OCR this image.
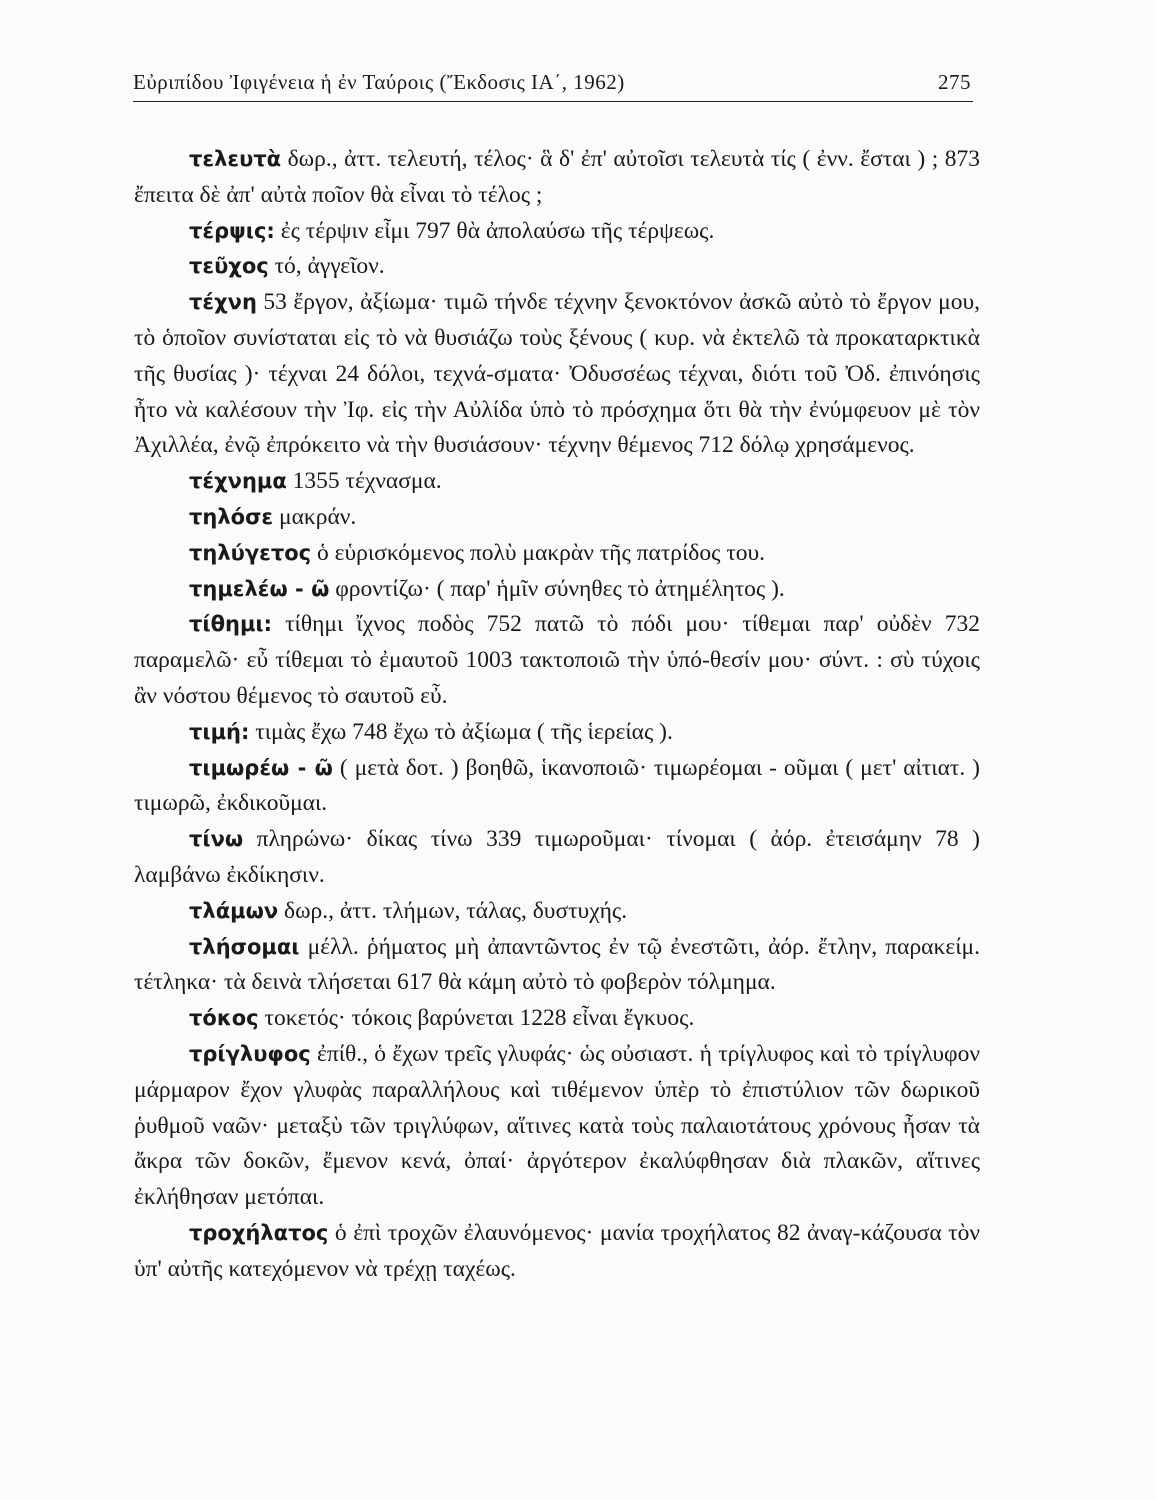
Εὐριπίδου Ἰφιγένεια ἡ ἐν Ταύροις (Ἔκδοσις ΙΑ΄, 1962)	275

τελευτὰ δωρ., ἀττ. τελευτή, τέλος· ἃ δ' ἐπ' αὐτοῖσι τελευτὰ τίς ( ἐνν. ἔσται ) ; 873 ἔπειτα δὲ ἀπ' αὐτὰ ποῖον θὰ εἶναι τὸ τέλος ;

τέρψις: ἐς τέρψιν εἶμι 797 θὰ ἀπολαύσω τῆς τέρψεως.

τεῦχος τό, ἀγγεῖον.

τέχνη 53 ἔργον, ἀξίωμα· τιμῶ τήνδε τέχνην ξενοκτόνον ἀσκῶ αὐτὸ τὸ ἔργον μου, τὸ ὁποῖον συνίσταται εἰς τὸ νὰ θυσιάζω τοὺς ξένους ( κυρ. νὰ ἐκτελῶ τὰ προκαταρκτικὰ τῆς θυσίας )· τέχναι 24 δόλοι, τεχνά-σματα· Ὀδυσσέως τέχναι, διότι τοῦ Ὀδ. ἐπινόησις ἦτο νὰ καλέσουν τὴν Ἰφ. εἰς τὴν Αὐλίδα ὑπὸ τὸ πρόσχημα ὅτι θὰ τὴν ἐνύμφευον μὲ τὸν Ἀχιλλέα, ἐνῷ ἐπρόκειτο νὰ τὴν θυσιάσουν· τέχνην θέμενος 712 δόλῳ χρησάμενος.

τέχνημα 1355 τέχνασμα.

τηλόσε μακράν.

τηλύγετος ὁ εὑρισκόμενος πολὺ μακρὰν τῆς πατρίδος του.

τημελέω - ῶ φροντίζω· ( παρ' ἡμῖν σύνηθες τὸ ἀτημέλητος ).

τίθημι: τίθημι ἴχνος ποδὸς 752 πατῶ τὸ πόδι μου· τίθεμαι παρ' οὐδὲν 732 παραμελῶ· εὖ τίθεμαι τὸ ἐμαυτοῦ 1003 τακτοποιῶ τὴν ὑπό-θεσίν μου· σύντ. : σὺ τύχοις ἂν νόστου θέμενος τὸ σαυτοῦ εὖ.

τιμή: τιμὰς ἔχω 748 ἔχω τὸ ἀξίωμα ( τῆς ἱερείας ).

τιμωρέω - ῶ ( μετὰ δοτ. ) βοηθῶ, ἱκανοποιῶ· τιμωρέομαι - οῦμαι ( μετ' αἰτιατ. ) τιμωρῶ, ἐκδικοῦμαι.

τίνω πληρώνω· δίκας τίνω 339 τιμωροῦμαι· τίνομαι ( ἀόρ. ἐτεισάμην 78 ) λαμβάνω ἐκδίκησιν.

τλάμων δωρ., ἀττ. τλήμων, τάλας, δυστυχής.

τλήσομαι μέλλ. ῥήματος μὴ ἀπαντῶντος ἐν τῷ ἐνεστῶτι, ἀόρ. ἔτλην, παρακείμ. τέτληκα· τὰ δεινὰ τλήσεται 617 θὰ κάμη αὐτὸ τὸ φοβερὸν τόλμημα.

τόκος τοκετός· τόκοις βαρύνεται 1228 εἶναι ἔγκυος.

τρίγλυφος ἐπίθ., ὁ ἔχων τρεῖς γλυφάς· ὡς οὐσιαστ. ἡ τρίγλυφος καὶ τὸ τρίγλυφον μάρμαρον ἔχον γλυφὰς παραλλήλους καὶ τιθέμενον ὑπὲρ τὸ ἐπιστύλιον τῶν δωρικοῦ ῥυθμοῦ ναῶν· μεταξὺ τῶν τριγλύφων, αἵτινες κατὰ τοὺς παλαιοτάτους χρόνους ἦσαν τὰ ἄκρα τῶν δοκῶν, ἔμενον κενά, ὀπαί· ἀργότερον ἐκαλύφθησαν διὰ πλακῶν, αἵτινες ἐκλήθησαν μετόπαι.

τροχήλατος ὁ ἐπὶ τροχῶν ἐλαυνόμενος· μανία τροχήλατος 82 ἀναγ-κάζουσα τὸν ὑπ' αὐτῆς κατεχόμενον νὰ τρέχῃ ταχέως.
